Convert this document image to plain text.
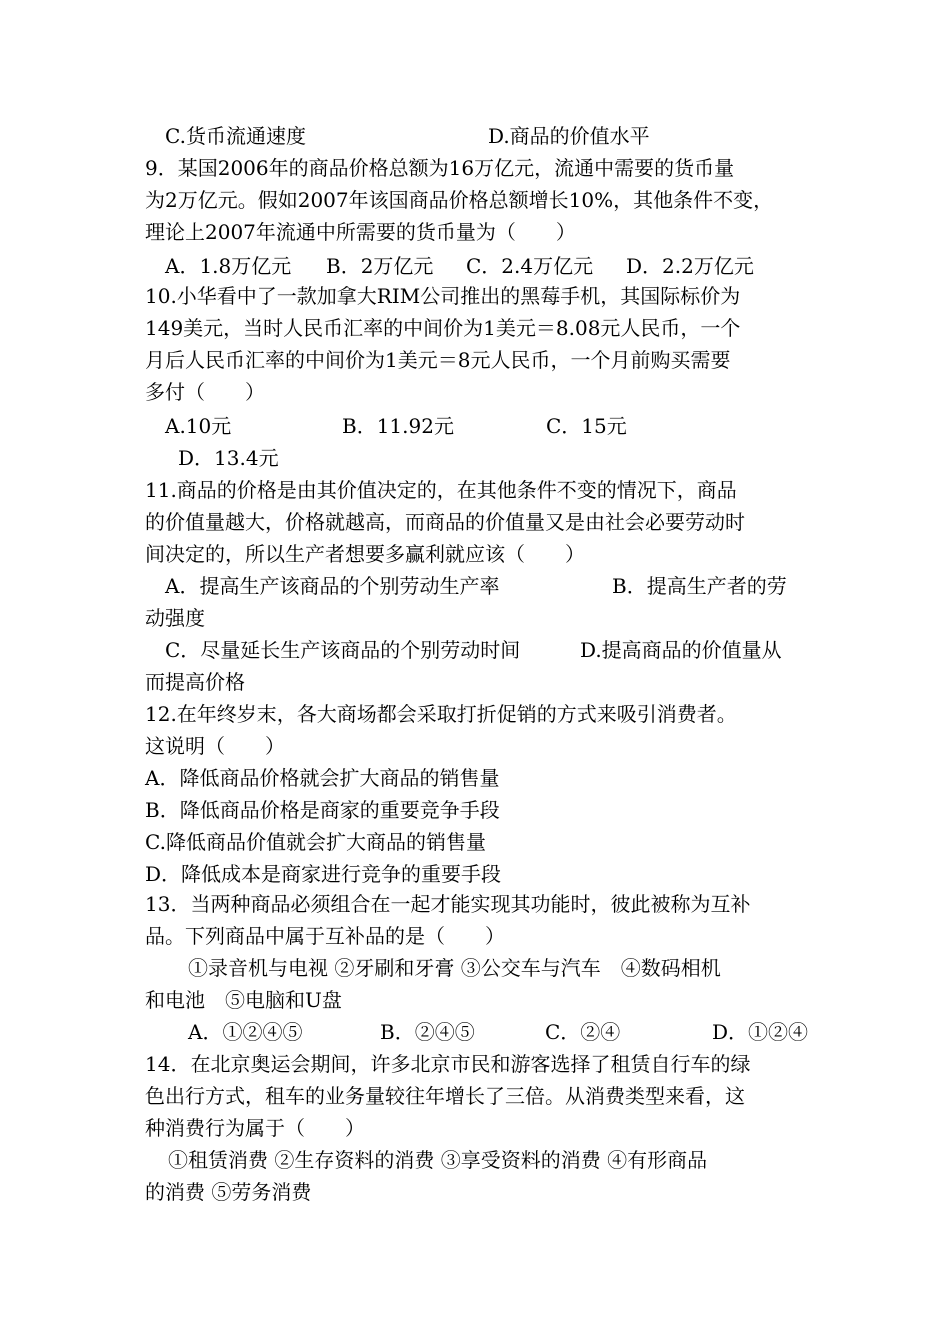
C.货币流通速度	D.商品的价值水平
9．某国2006年的商品价格总额为16万亿元，流通中需要的货币量
为2万亿元。假如2007年该国商品价格总额增长10%，其他条件不变，
理论上2007年流通中所需要的货币量为（　　）
A．1.8万亿元 B．2万亿元 C．2.4万亿元 D．2.2万亿元
10.小华看中了一款加拿大RIM公司推出的黑莓手机，其国际标价为
149美元，当时人民币汇率的中间价为1美元＝8.08元人民币，一个
月后人民币汇率的中间价为1美元＝8元人民币，一个月前购买需要
多付（　　）
A.10元	B．11.92元	C．15元
D．13.4元
11.商品的价格是由其价值决定的，在其他条件不变的情况下，商品
的价值量越大，价格就越高，而商品的价值量又是由社会必要劳动时
间决定的，所以生产者想要多赢利就应该（　　）
A．提高生产该商品的个别劳动生产率	B．提高生产者的劳
动强度
C．尽量延长生产该商品的个别劳动时间	D.提高商品的价值量从
而提高价格
12.在年终岁末，各大商场都会采取打折促销的方式来吸引消费者。
这说明（　　）
A．降低商品价格就会扩大商品的销售量
B．降低商品价格是商家的重要竞争手段
C.降低商品价值就会扩大商品的销售量
D．降低成本是商家进行竞争的重要手段
13．当两种商品必须组合在一起才能实现其功能时，彼此被称为互补
品。下列商品中属于互补品的是（　　）
①录音机与电视 ②牙刷和牙膏 ③公交车与汽车　④数码相机
和电池　⑤电脑和U盘
A．①②④⑤	B．②④⑤	C．②④	D．①②④
14．在北京奥运会期间，许多北京市民和游客选择了租赁自行车的绿
色出行方式，租车的业务量较往年增长了三倍。从消费类型来看，这
种消费行为属于（　　）
①租赁消费 ②生存资料的消费 ③享受资料的消费 ④有形商品
的消费 ⑤劳务消费
